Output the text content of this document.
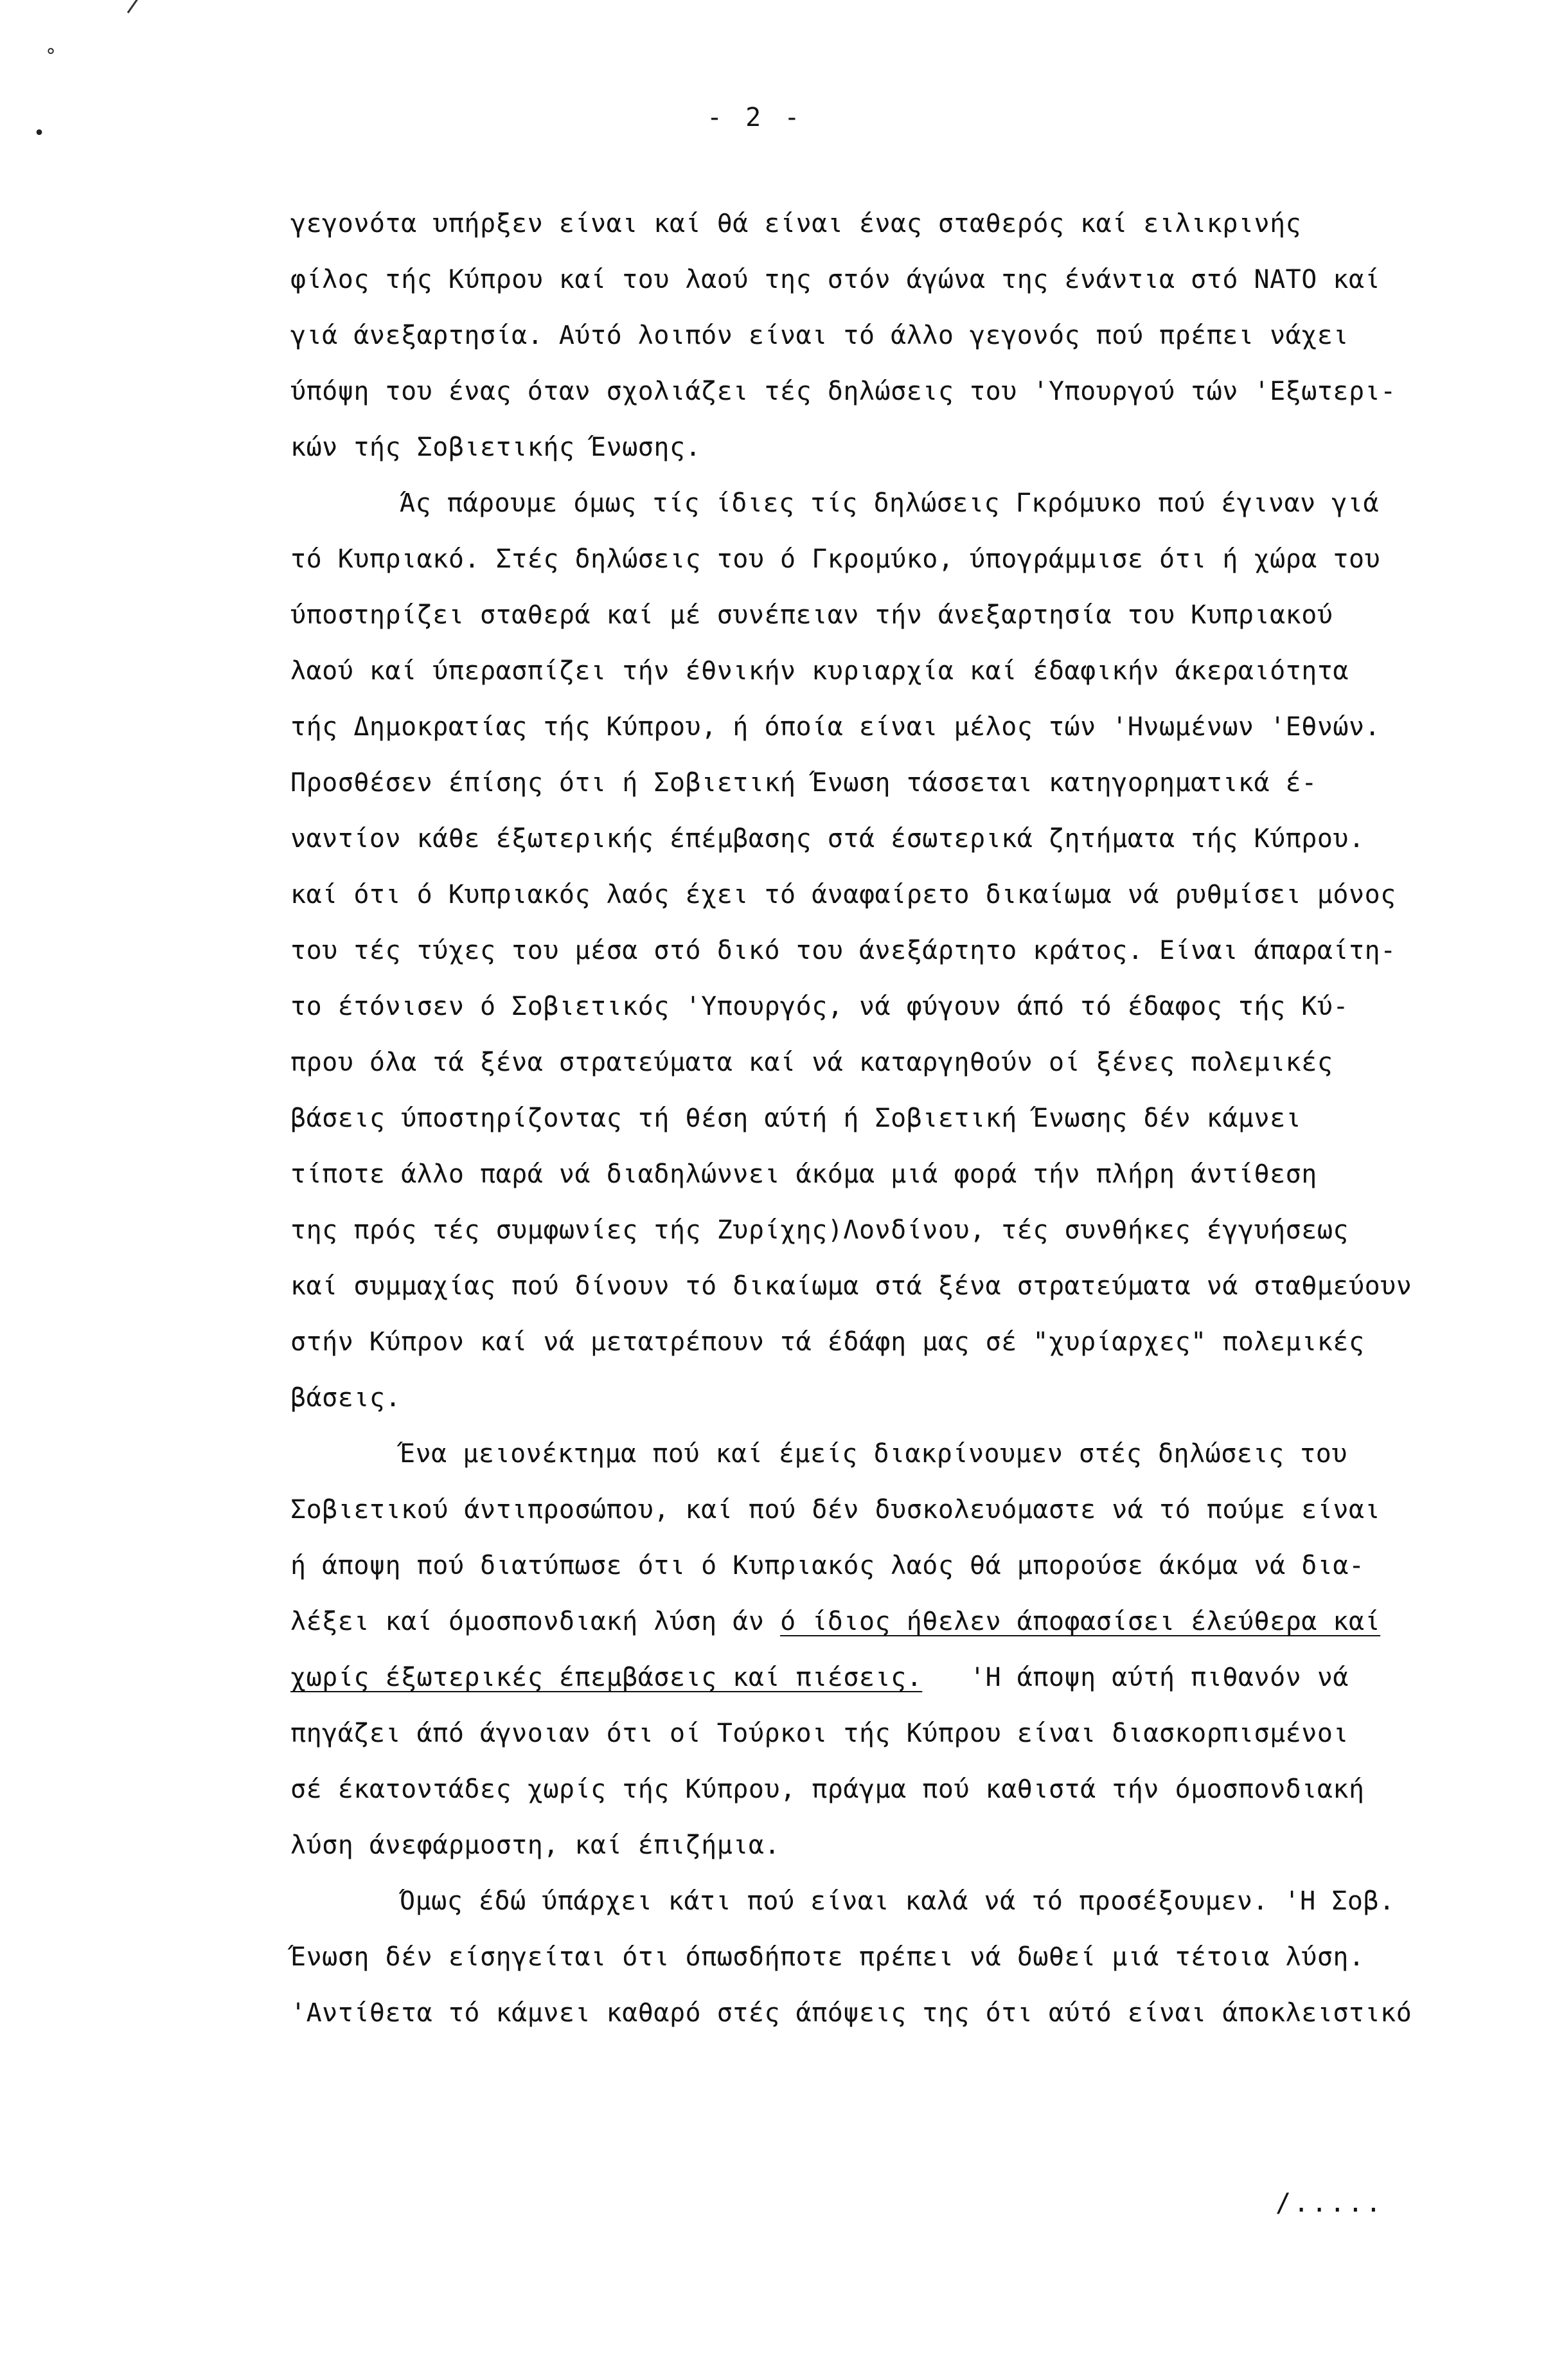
°
•
- 2 -
γεγονότα υπήρξεν είναι καί θά είναι ένας σταθερός καί ειλικρινής
φίλος τής Κύπρου καί του λαού της στόν άγώνα της ένάντια στό ΝΑΤΟ καί
γιά άνεξαρτησία. Αύτό λοιπόν είναι τό άλλο γεγονός πού πρέπει νάχει
ύπόψη του ένας όταν σχολιάζει τές δηλώσεις του 'Υπουργού τών 'Εξωτερι-
κών τής Σοβιετικής Ένωσης.
Άς πάρουμε όμως τίς ίδιες τίς δηλώσεις Γκρόμυκο πού έγιναν γιά
τό Κυπριακό. Στές δηλώσεις του ό Γκρομύκο, ύπογράμμισε ότι ή χώρα του
ύποστηρίζει σταθερά καί μέ συνέπειαν τήν άνεξαρτησία του Κυπριακού
λαού καί ύπερασπίζει τήν έθνικήν κυριαρχία καί έδαφικήν άκεραιότητα
τής Δημοκρατίας τής Κύπρου, ή όποία είναι μέλος τών 'Ηνωμένων 'Εθνών.
Προσθέσεν έπίσης ότι ή Σοβιετική Ένωση τάσσεται κατηγορηματικά έ-
ναντίον κάθε έξωτερικής έπέμβασης στά έσωτερικά ζητήματα τής Κύπρου.
καί ότι ό Κυπριακός λαός έχει τό άναφαίρετο δικαίωμα νά ρυθμίσει μόνος
του τές τύχες του μέσα στό δικό του άνεξάρτητο κράτος. Είναι άπαραίτη-
το έτόνισεν ό Σοβιετικός 'Υπουργός, νά φύγουν άπό τό έδαφος τής Κύ-
πρου όλα τά ξένα στρατεύματα καί νά καταργηθούν οί ξένες πολεμικές
βάσεις ύποστηρίζοντας τή θέση αύτή ή Σοβιετική Ένωσης δέν κάμνει
τίποτε άλλο παρά νά διαδηλώννει άκόμα μιά φορά τήν πλήρη άντίθεση
της πρός τές συμφωνίες τής Ζυρίχης)Λονδίνου, τές συνθήκες έγγυήσεως
καί συμμαχίας πού δίνουν τό δικαίωμα στά ξένα στρατεύματα νά σταθμεύουν
στήν Κύπρον καί νά μετατρέπουν τά έδάφη μας σέ "χυρίαρχες" πολεμικές
βάσεις.
Ένα μειονέκτημα πού καί έμείς διακρίνουμεν στές δηλώσεις του
Σοβιετικού άντιπροσώπου, καί πού δέν δυσκολευόμαστε νά τό πούμε είναι
ή άποψη πού διατύπωσε ότι ό Κυπριακός λαός θά μπορούσε άκόμα νά δια-
λέξει καί όμοσπονδιακή λύση άν ό ίδιος ήθελεν άποφασίσει έλεύθερα καί
χωρίς έξωτερικές έπεμβάσεις καί πιέσεις. 'Η άποψη αύτή πιθανόν νά
πηγάζει άπό άγνοιαν ότι οί Τούρκοι τής Κύπρου είναι διασκορπισμένοι
σέ έκατοντάδες χωρίς τής Κύπρου, πράγμα πού καθιστά τήν όμοσπονδιακή
λύση άνεφάρμοστη, καί έπιζήμια.
Όμως έδώ ύπάρχει κάτι πού είναι καλά νά τό προσέξουμεν. 'Η Σοβ.
Ένωση δέν είσηγείται ότι όπωσδήποτε πρέπει νά δωθεί μιά τέτοια λύση.
'Αντίθετα τό κάμνει καθαρό στές άπόψεις της ότι αύτό είναι άποκλειστικό
/.....
